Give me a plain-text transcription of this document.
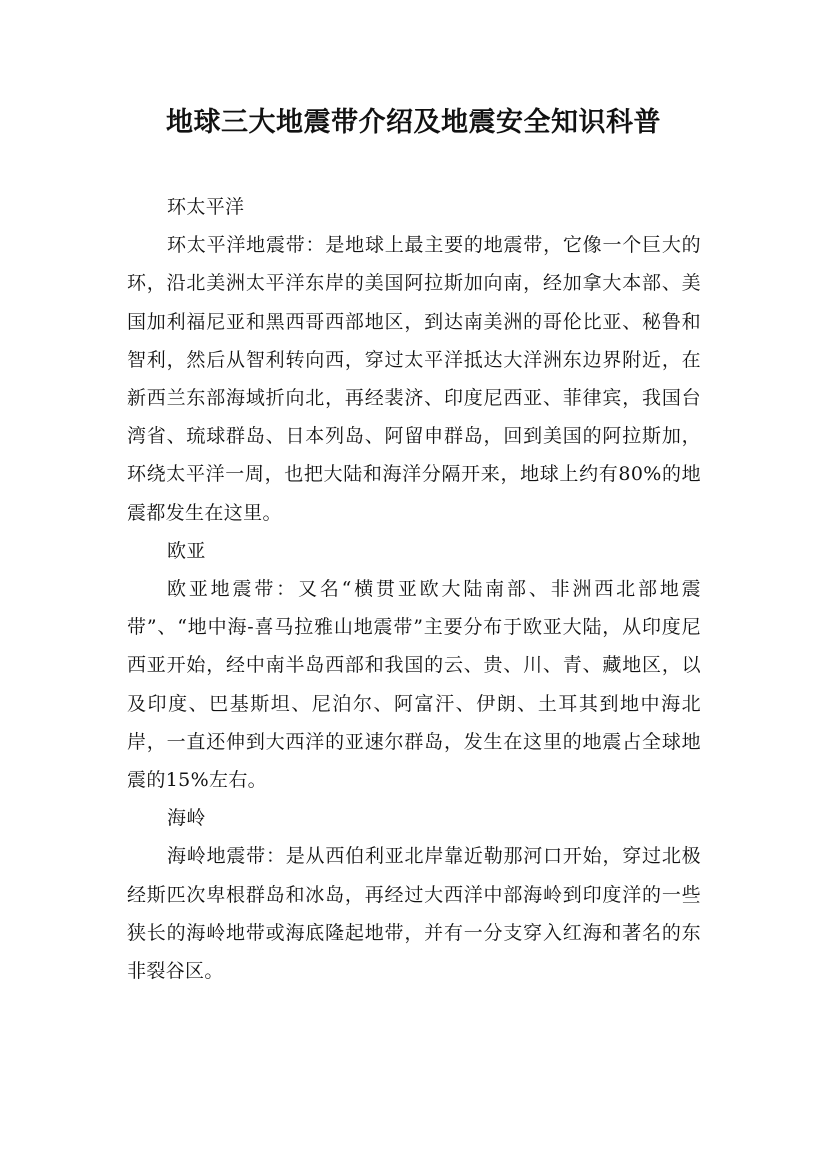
地球三大地震带介绍及地震安全知识科普

环太平洋

环太平洋地震带：是地球上最主要的地震带，它像一个巨大的环，沿北美洲太平洋东岸的美国阿拉斯加向南，经加拿大本部、美国加利福尼亚和黑西哥西部地区，到达南美洲的哥伦比亚、秘鲁和智利，然后从智利转向西，穿过太平洋抵达大洋洲东边界附近，在新西兰东部海域折向北，再经裴济、印度尼西亚、菲律宾，我国台湾省、琉球群岛、日本列岛、阿留申群岛，回到美国的阿拉斯加，环绕太平洋一周，也把大陆和海洋分隔开来，地球上约有80%的地震都发生在这里。

欧亚

欧亚地震带：又名“横贯亚欧大陆南部、非洲西北部地震带”、“地中海-喜马拉雅山地震带”主要分布于欧亚大陆，从印度尼西亚开始，经中南半岛西部和我国的云、贵、川、青、藏地区，以及印度、巴基斯坦、尼泊尔、阿富汗、伊朗、土耳其到地中海北岸，一直还伸到大西洋的亚速尔群岛，发生在这里的地震占全球地震的15%左右。

海岭

海岭地震带：是从西伯利亚北岸靠近勒那河口开始，穿过北极经斯匹次卑根群岛和冰岛，再经过大西洋中部海岭到印度洋的一些狭长的海岭地带或海底隆起地带，并有一分支穿入红海和著名的东非裂谷区。
